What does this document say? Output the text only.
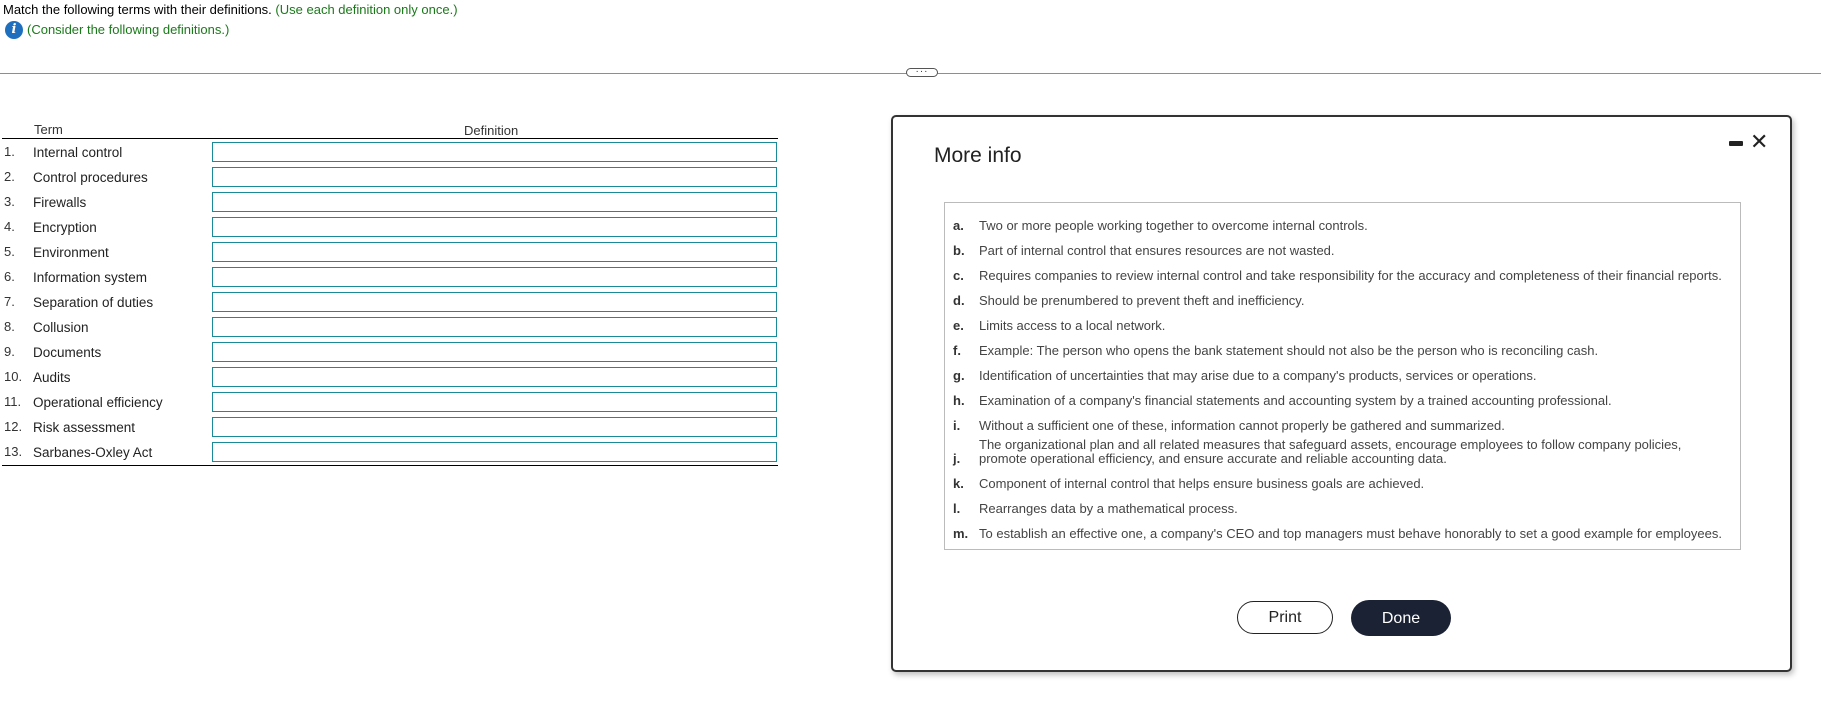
Match the following terms with their definitions. (Use each definition only once.)
i (Consider the following definitions.)
···
Term	Definition
1. Internal control
2. Control procedures
3. Firewalls
4. Encryption
5. Environment
6. Information system
7. Separation of duties
8. Collusion
9. Documents
10. Audits
11. Operational efficiency
12. Risk assessment
13. Sarbanes-Oxley Act
More info
✕
a.	Two or more people working together to overcome internal controls.
b.	Part of internal control that ensures resources are not wasted.
c.	Requires companies to review internal control and take responsibility for the accuracy and completeness of their financial reports.
d.	Should be prenumbered to prevent theft and inefficiency.
e.	Limits access to a local network.
f.	Example: The person who opens the bank statement should not also be the person who is reconciling cash.
g.	Identification of uncertainties that may arise due to a company's products, services or operations.
h.	Examination of a company's financial statements and accounting system by a trained accounting professional.
i.	Without a sufficient one of these, information cannot properly be gathered and summarized.
j.
The organizational plan and all related measures that safeguard assets, encourage employees to follow company policies, promote operational efficiency, and ensure accurate and reliable accounting data.
k.	Component of internal control that helps ensure business goals are achieved.
l.	Rearranges data by a mathematical process.
m. To establish an effective one, a company's CEO and top managers must behave honorably to set a good example for employees.
Print	Done
